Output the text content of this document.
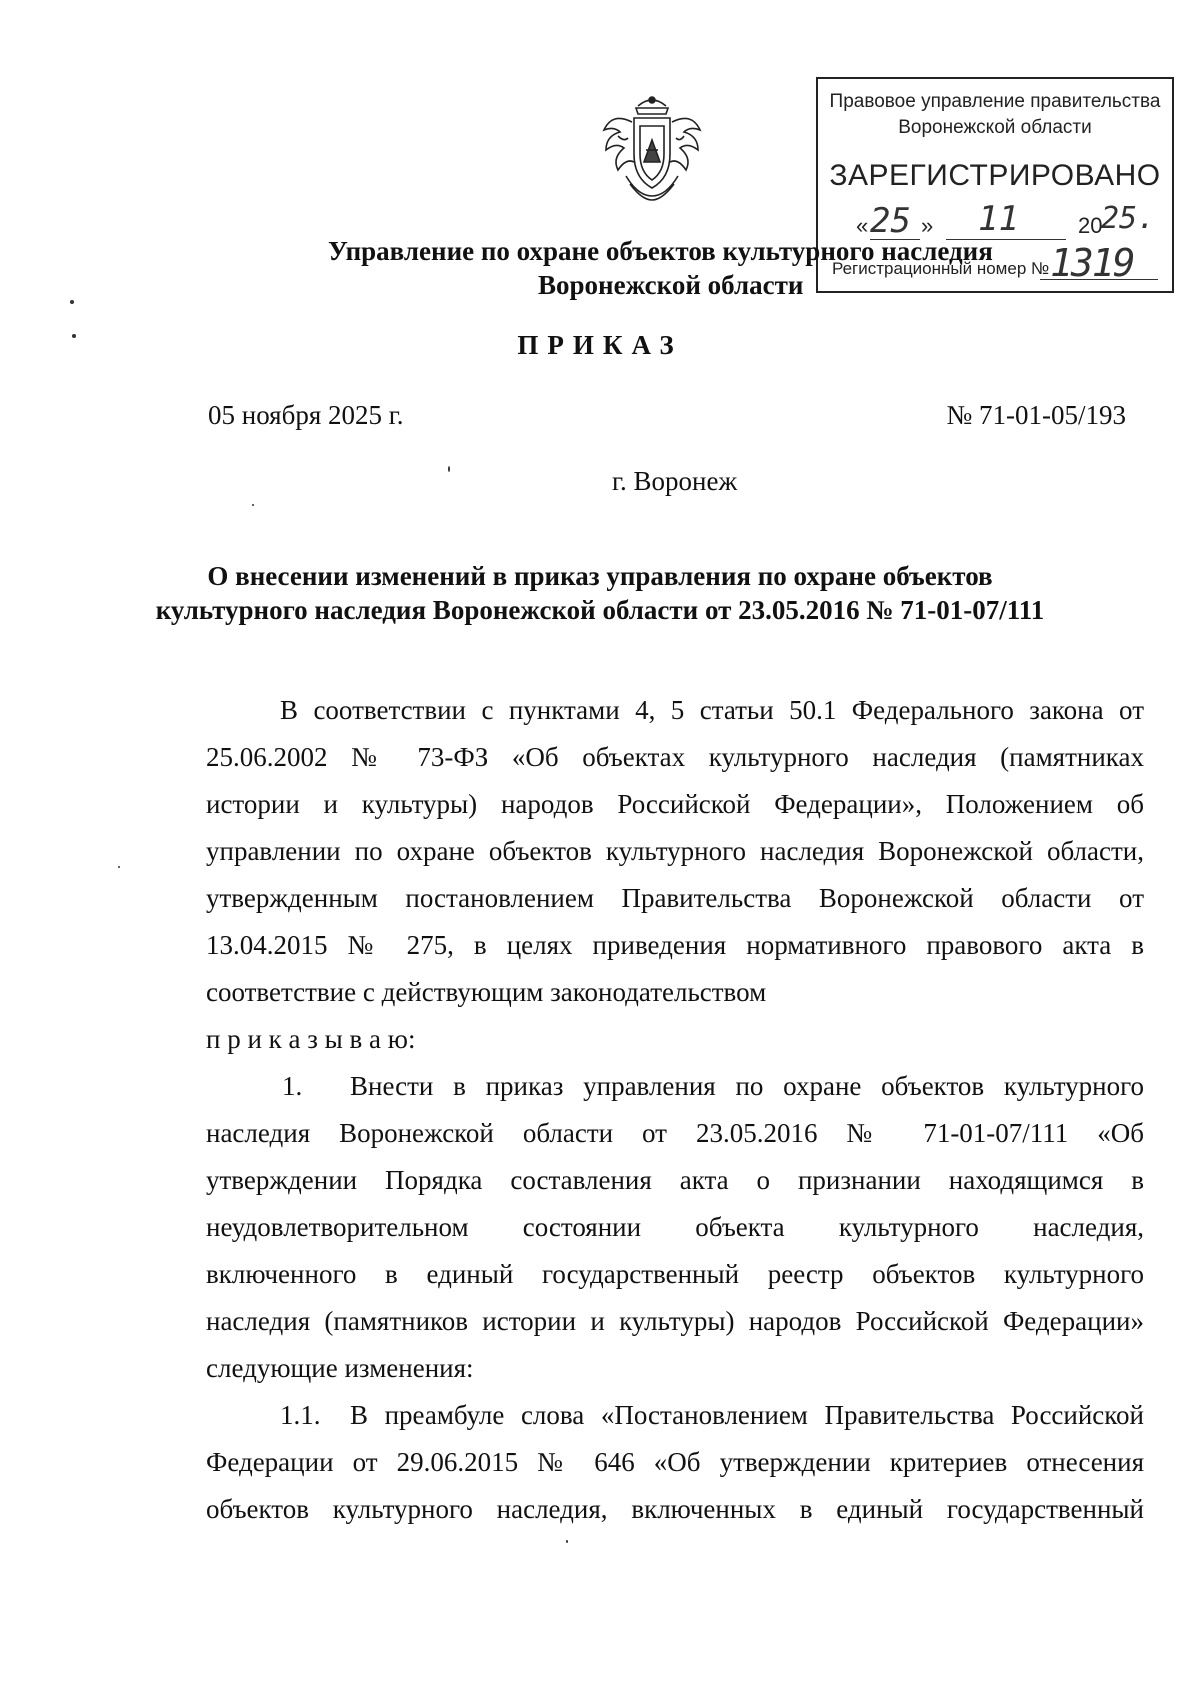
Правовое управление правительства
Воронежской области
ЗАРЕГИСТРИРОВАНО
« 25 » 11	20
25.
Регистрационный номер № 1319
Управление по охране объектов культурного наследия
Воронежской области
ПРИКАЗ
05 ноября 2025 г.	№ 71-01-05/193
г. Воронеж
О внесении изменений в приказ управления по охране объектов
культурного наследия Воронежской области от 23.05.2016 № 71-01-07/111
В соответствии с пунктами 4, 5 статьи 50.1 Федерального закона от
25.06.2002 № 73-ФЗ «Об объектах культурного наследия (памятниках
истории и культуры) народов Российской Федерации», Положением об
управлении по охране объектов культурного наследия Воронежской области,
утвержденным постановлением Правительства Воронежской области от
13.04.2015 № 275, в целях приведения нормативного правового акта в
соответствие с действующим законодательством
п р и к а з ы в а ю:
1. Внести в приказ управления по охране объектов культурного
наследия Воронежской области от 23.05.2016 № 71-01-07/111 «Об
утверждении Порядка составления акта о признании находящимся в
неудовлетворительном состоянии объекта культурного наследия,
включенного в единый государственный реестр объектов культурного
наследия (памятников истории и культуры) народов Российской Федерации»
следующие изменения:
1.1. В преамбуле слова «Постановлением Правительства Российской
Федерации от 29.06.2015 № 646 «Об утверждении критериев отнесения
объектов культурного наследия, включенных в единый государственный
